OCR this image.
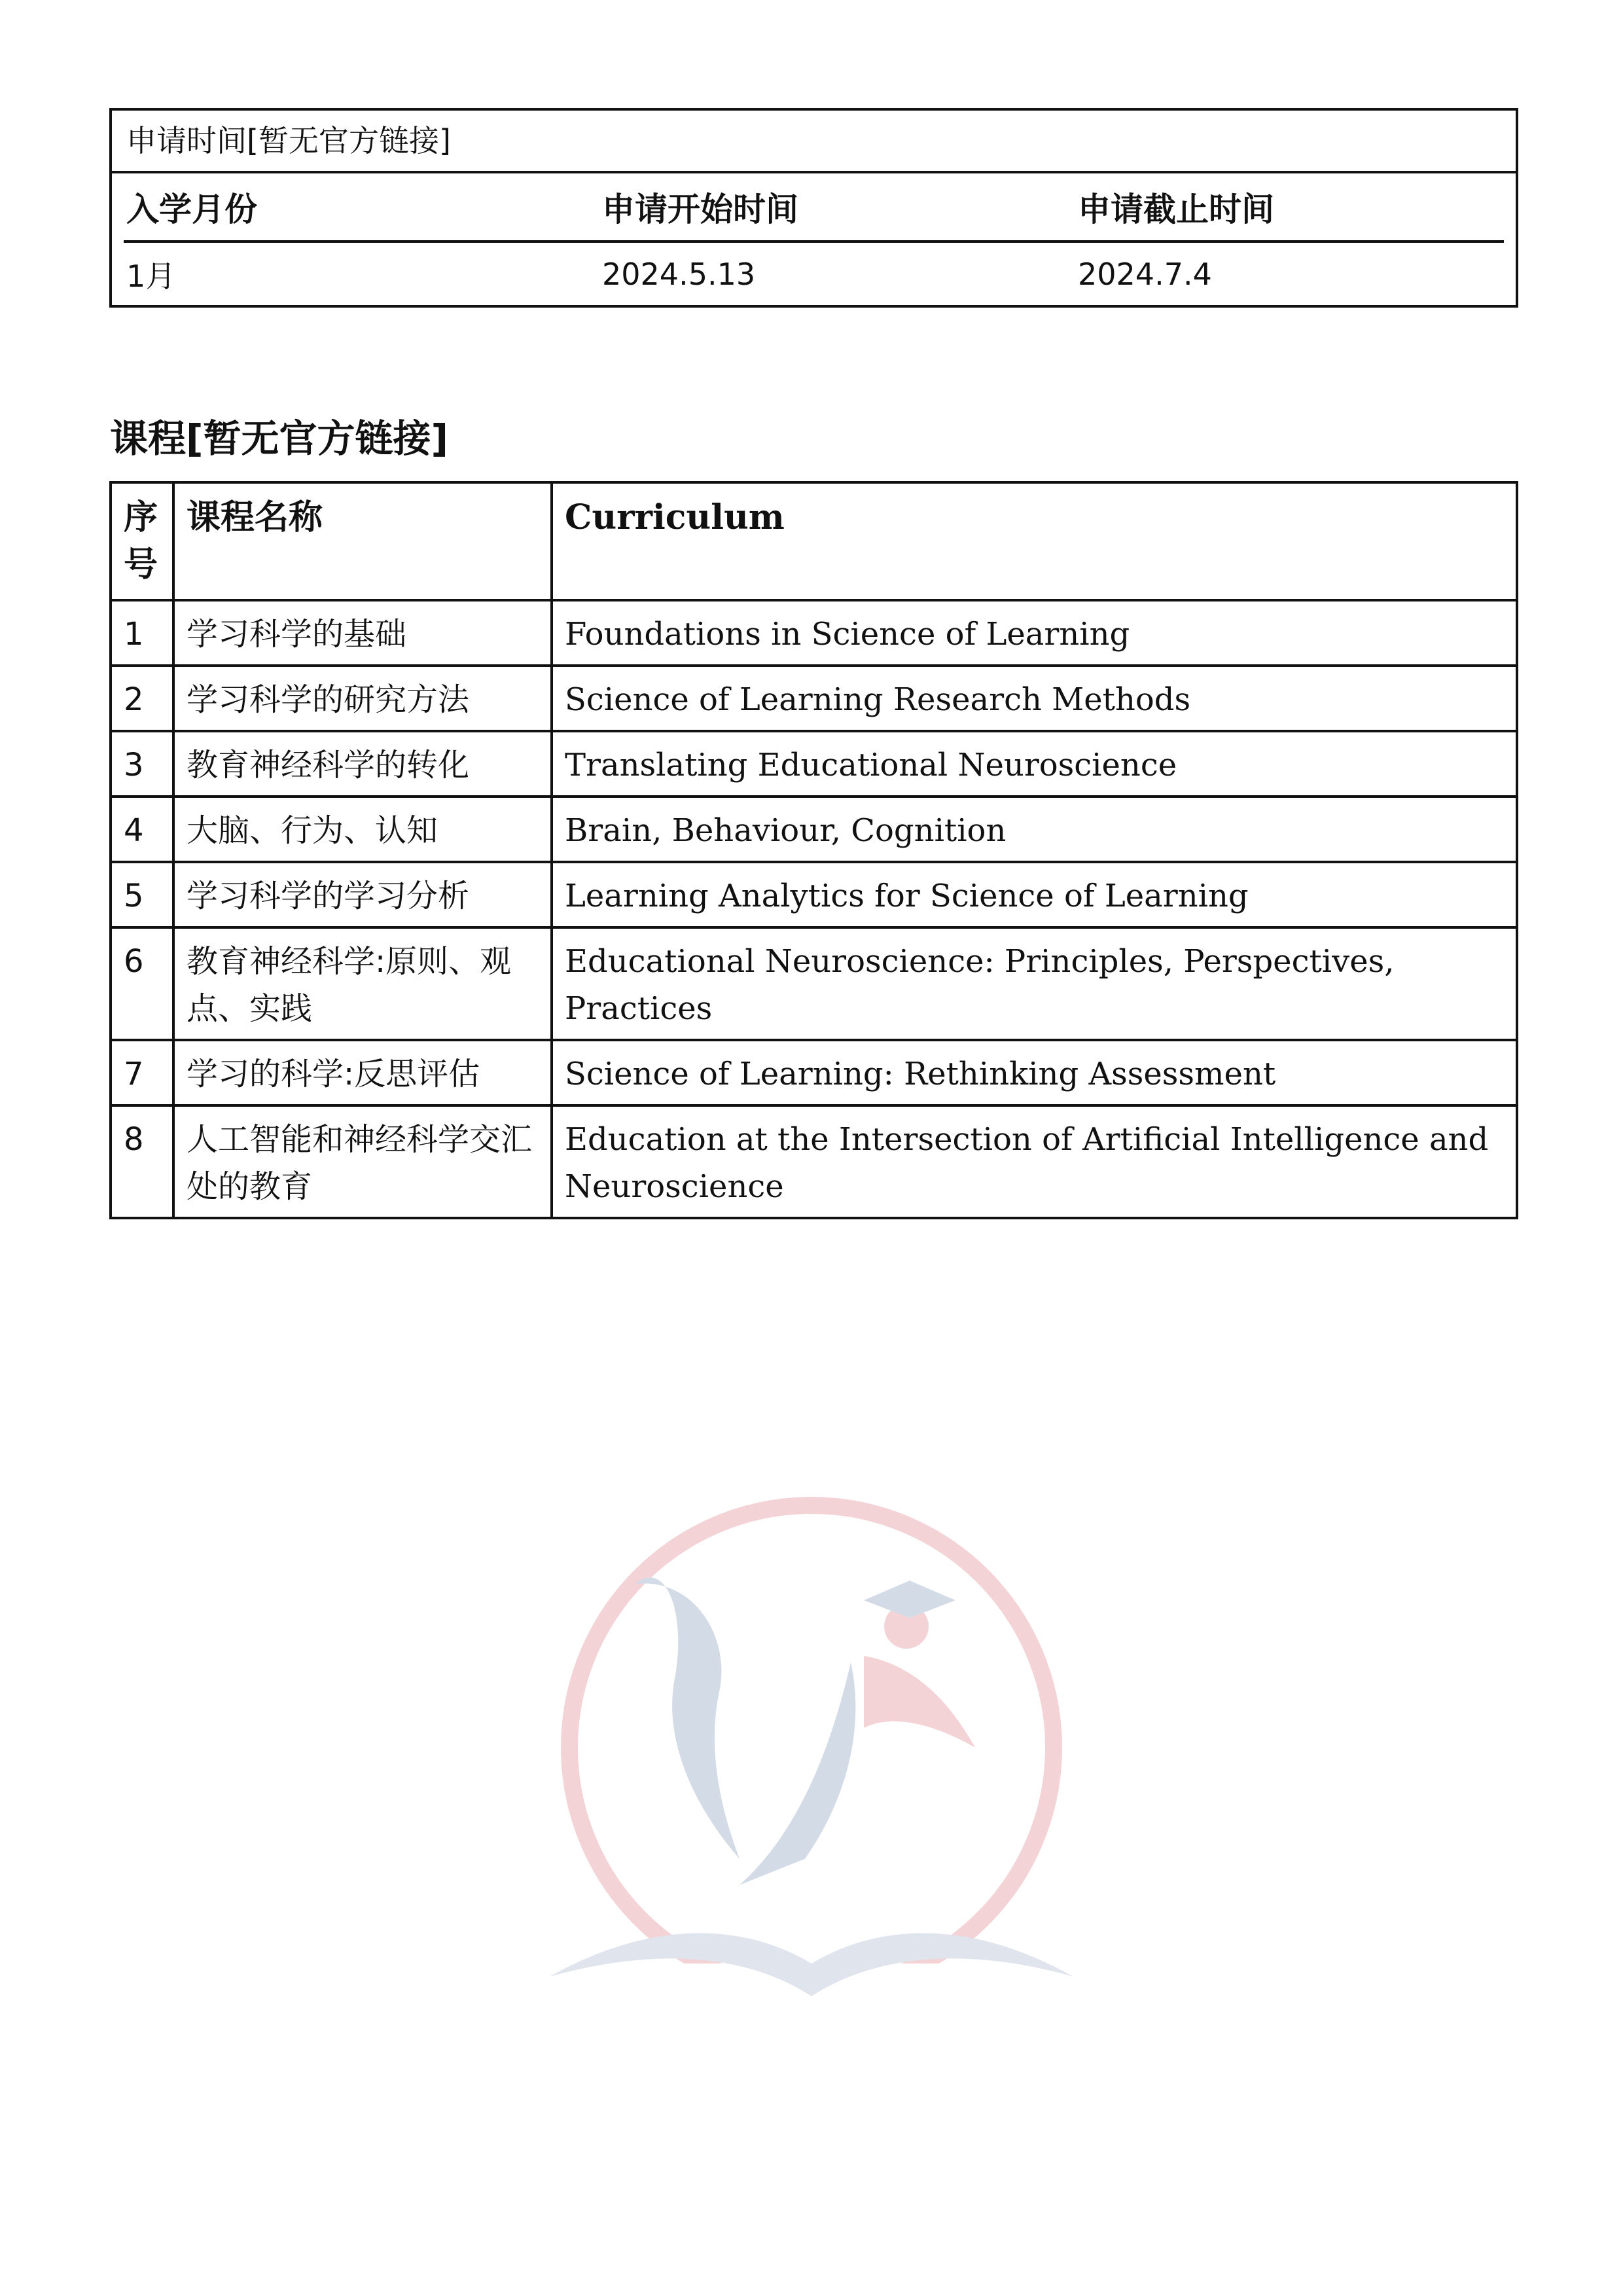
申请时间[暂无官方链接]
入学月份	申请开始时间	申请截止时间
1月	2024.5.13	2024.7.4
课程[暂无官方链接]
序号	课程名称	Curriculum
1	学习科学的基础	Foundations in Science of Learning
2	学习科学的研究方法	Science of Learning Research Methods
3	教育神经科学的转化	Translating Educational Neuroscience
4	大脑、行为、认知	Brain, Behaviour, Cognition
5	学习科学的学习分析	Learning Analytics for Science of Learning
6	教育神经科学:原则、观点、实践	Educational Neuroscience: Principles, Perspectives, Practices
7	学习的科学:反思评估	Science of Learning: Rethinking Assessment
8	人工智能和神经科学交汇处的教育	Education at the Intersection of Artificial Intelligence and Neuroscience
